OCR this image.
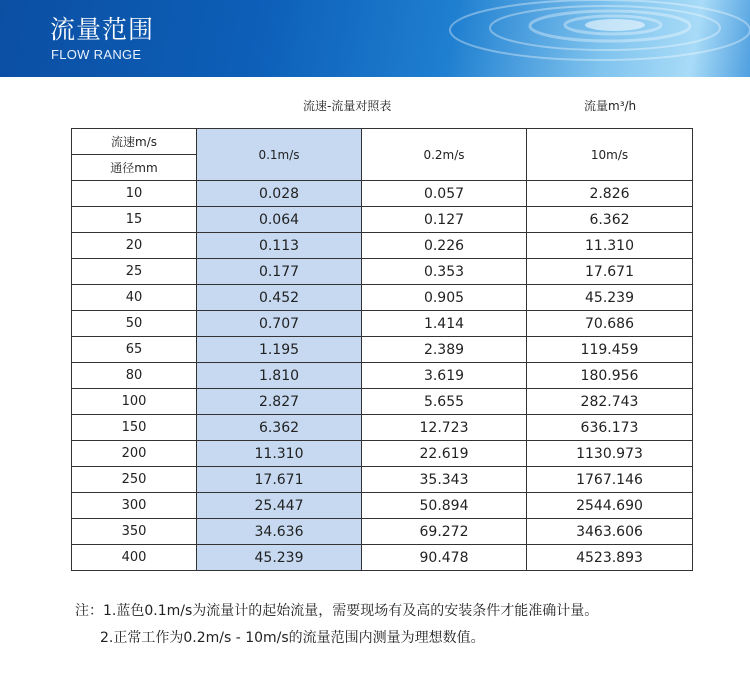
流量范围
FLOW RANGE
流速-流量对照表	流量m³/h
流速m/s	0.1m/s	0.2m/s	10m/s
通径mm			
10	0.028	0.057	2.826
15	0.064	0.127	6.362
20	0.113	0.226	11.310
25	0.177	0.353	17.671
40	0.452	0.905	45.239
50	0.707	1.414	70.686
65	1.195	2.389	119.459
80	1.810	3.619	180.956
100	2.827	5.655	282.743
150	6.362	12.723	636.173
200	11.310	22.619	1130.973
250	17.671	35.343	1767.146
300	25.447	50.894	2544.690
350	34.636	69.272	3463.606
400	45.239	90.478	4523.893
注：1.蓝色0.1m/s为流量计的起始流量，需要现场有及高的安装条件才能准确计量。
2.正常工作为0.2m/s - 10m/s的流量范围内测量为理想数值。
